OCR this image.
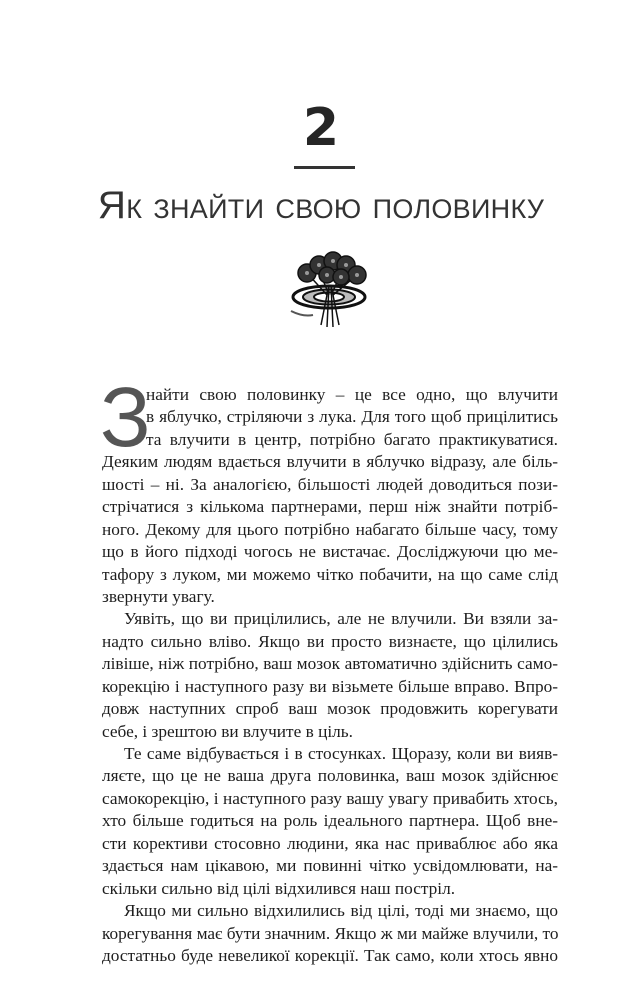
2
Як знайти свою половинку
З
найти свою половинку – це все одно, що влучити
в яблучко, стріляючи з лука. Для того щоб прицілитись
та влучити в центр, потрібно багато практикуватися.
Деяким людям вдається влучити в яблучко відразу, але біль-
шості – ні. За аналогією, більшості людей доводиться пози-
стрічатися з кількома партнерами, перш ніж знайти потріб-
ного. Декому для цього потрібно набагато більше часу, тому
що в його підході чогось не вистачає. Досліджуючи цю ме-
тафору з луком, ми можемо чітко побачити, на що саме слід
звернути увагу.
Уявіть, що ви прицілились, але не влучили. Ви взяли за-
надто сильно вліво. Якщо ви просто визнаєте, що цілились
лівіше, ніж потрібно, ваш мозок автоматично здійснить само-
корекцію і наступного разу ви візьмете більше вправо. Впро-
довж наступних спроб ваш мозок продовжить корегувати
себе, і зрештою ви влучите в ціль.
Те саме відбувається і в стосунках. Щоразу, коли ви вияв-
ляєте, що це не ваша друга половинка, ваш мозок здійснює
самокорекцію, і наступного разу вашу увагу привабить хтось,
хто більше годиться на роль ідеального партнера. Щоб вне-
сти корективи стосовно людини, яка нас приваблює або яка
здається нам цікавою, ми повинні чітко усвідомлювати, на-
скільки сильно від цілі відхилився наш постріл.
Якщо ми сильно відхилились від цілі, тоді ми знаємо, що
корегування має бути значним. Якщо ж ми майже влучили, то
достатньо буде невеликої корекції. Так само, коли хтось явно
